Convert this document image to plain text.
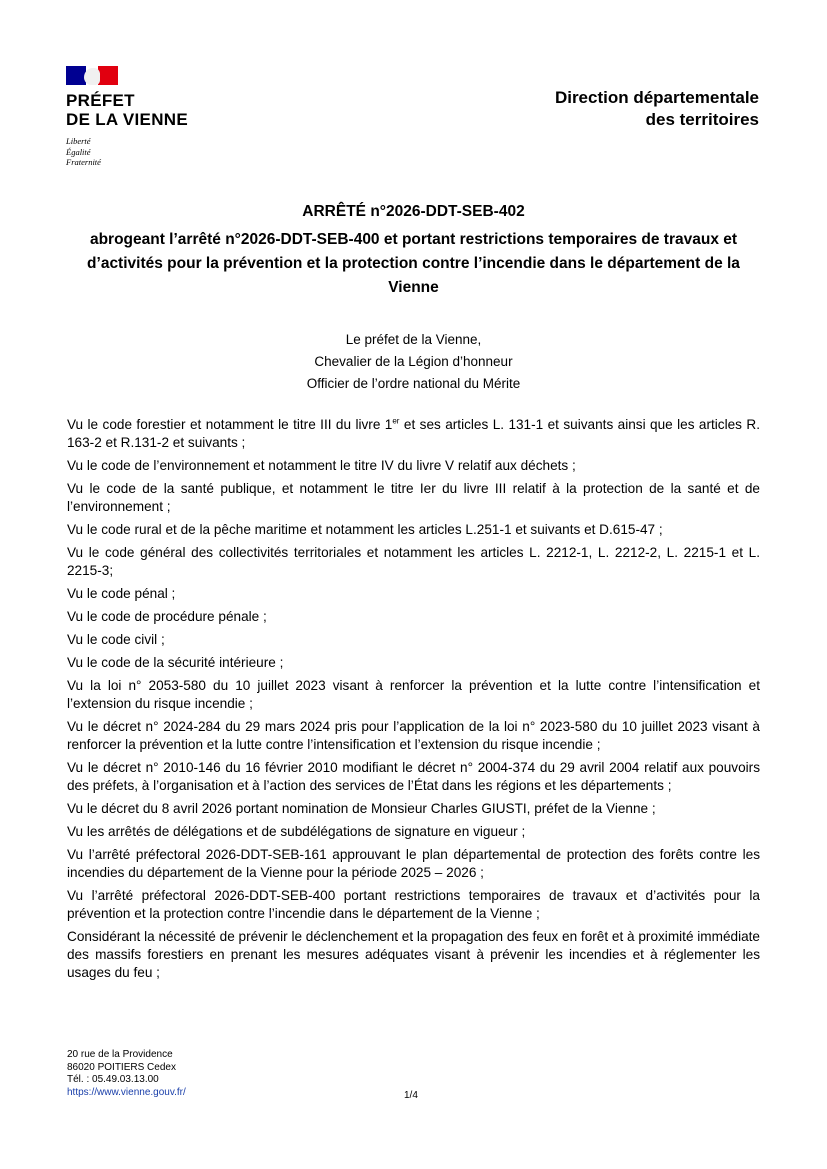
PRÉFET
DE LA VIENNE
Liberté
Égalité
Fraternité
Direction départementale
des territoires
ARRÊTÉ n°2026-DDT-SEB-402
abrogeant l’arrêté n°2026-DDT-SEB-400 et portant restrictions temporaires de travaux et d’activités pour la prévention et la protection contre l’incendie dans le département de la Vienne
Le préfet de la Vienne,
Chevalier de la Légion d’honneur
Officier de l’ordre national du Mérite

Vu le code forestier et notamment le titre III du livre 1er et ses articles L. 131-1 et suivants ainsi que les articles R. 163-2 et R.131-2 et suivants ;

Vu le code de l’environnement et notamment le titre IV du livre V relatif aux déchets ;

Vu le code de la santé publique, et notamment le titre Ier du livre III relatif à la protection de la santé et de l’environnement ;

Vu le code rural et de la pêche maritime et notamment les articles L.251-1 et suivants et D.615-47 ;

Vu le code général des collectivités territoriales et notamment les articles L. 2212-1, L. 2212-2, L. 2215-1 et L. 2215-3;

Vu le code pénal ;

Vu le code de procédure pénale ;

Vu le code civil ;

Vu le code de la sécurité intérieure ;

Vu la loi n° 2053-580 du 10 juillet 2023 visant à renforcer la prévention et la lutte contre l’intensification et l’extension du risque incendie ;

Vu le décret n° 2024-284 du 29 mars 2024 pris pour l’application de la loi n° 2023-580 du 10 juillet 2023 visant à renforcer la prévention et la lutte contre l’intensification et l’extension du risque incendie ;

Vu le décret n° 2010-146 du 16 février 2010 modifiant le décret n° 2004-374 du 29 avril 2004 relatif aux pouvoirs des préfets, à l’organisation et à l’action des services de l’État dans les régions et les départements ;

Vu le décret du 8 avril 2026 portant nomination de Monsieur Charles GIUSTI, préfet de la Vienne ;

Vu les arrêtés de délégations et de subdélégations de signature en vigueur ;

Vu l’arrêté préfectoral 2026-DDT-SEB-161 approuvant le plan départemental de protection des forêts contre les incendies du département de la Vienne pour la période 2025 – 2026 ;

Vu l’arrêté préfectoral 2026-DDT-SEB-400 portant restrictions temporaires de travaux et d’activités pour la prévention et la protection contre l’incendie dans le département de la Vienne ;

Considérant la nécessité de prévenir le déclenchement et la propagation des feux en forêt et à proximité immédiate des massifs forestiers en prenant les mesures adéquates visant à prévenir les incendies et à réglementer les usages du feu ;

20 rue de la Providence
86020 POITIERS Cedex
Tél. : 05.49.03.13.00
https://www.vienne.gouv.fr/	1/4
